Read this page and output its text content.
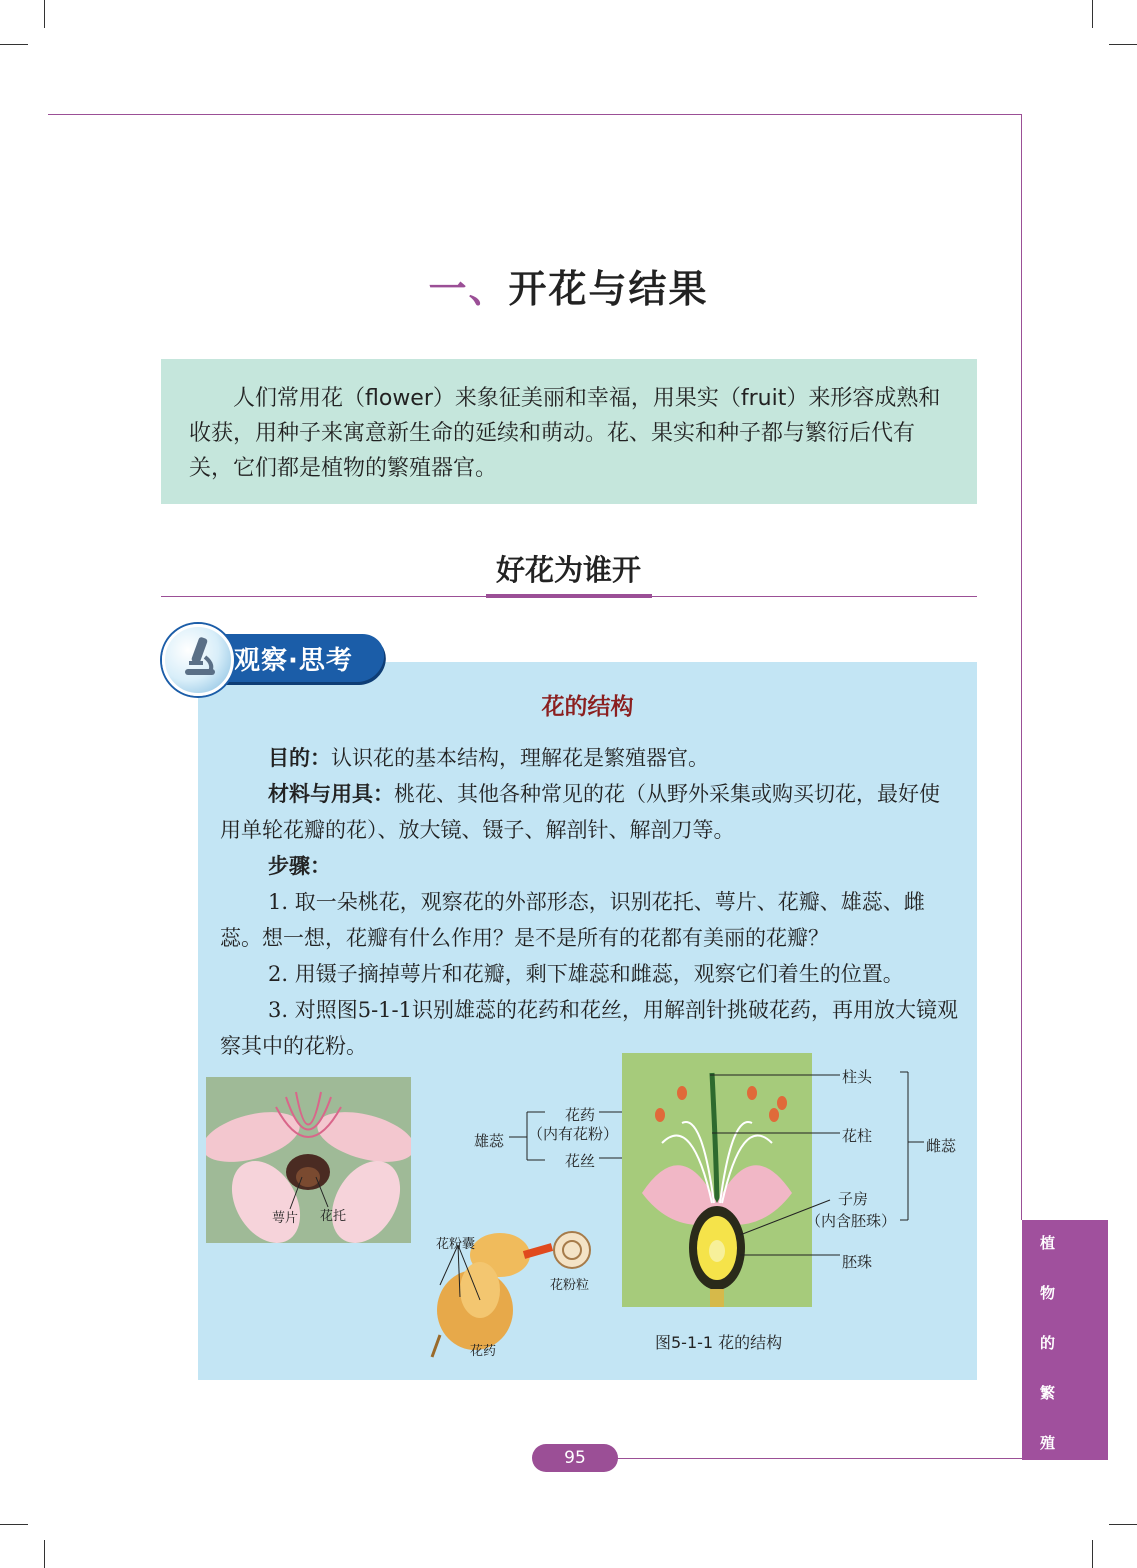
一、开花与结果
人们常用花（flower）来象征美丽和幸福，用果实（fruit）来形容成熟和收获，用种子来寓意新生命的延续和萌动。花、果实和种子都与繁衍后代有关，它们都是植物的繁殖器官。
好花为谁开
观察·思考
花的结构
目的：认识花的基本结构，理解花是繁殖器官。
材料与用具：桃花、其他各种常见的花（从野外采集或购买切花，最好使用单轮花瓣的花）、放大镜、镊子、解剖针、解剖刀等。
步骤：
1. 取一朵桃花，观察花的外部形态，识别花托、萼片、花瓣、雄蕊、雌蕊。想一想，花瓣有什么作用？是不是所有的花都有美丽的花瓣？
2. 用镊子摘掉萼片和花瓣，剩下雄蕊和雌蕊，观察它们着生的位置。
3. 对照图5-1-1识别雄蕊的花药和花丝，用解剖针挑破花药，再用放大镜观察其中的花粉。
萼片 花托
雄蕊
花药
（内有花粉）
花丝
花粉囊
花粉粒
花药
柱头
花柱
子房
（内含胚珠）
胚珠
雌蕊
图5-1-1 花的结构
植
物
的
繁
殖
95
